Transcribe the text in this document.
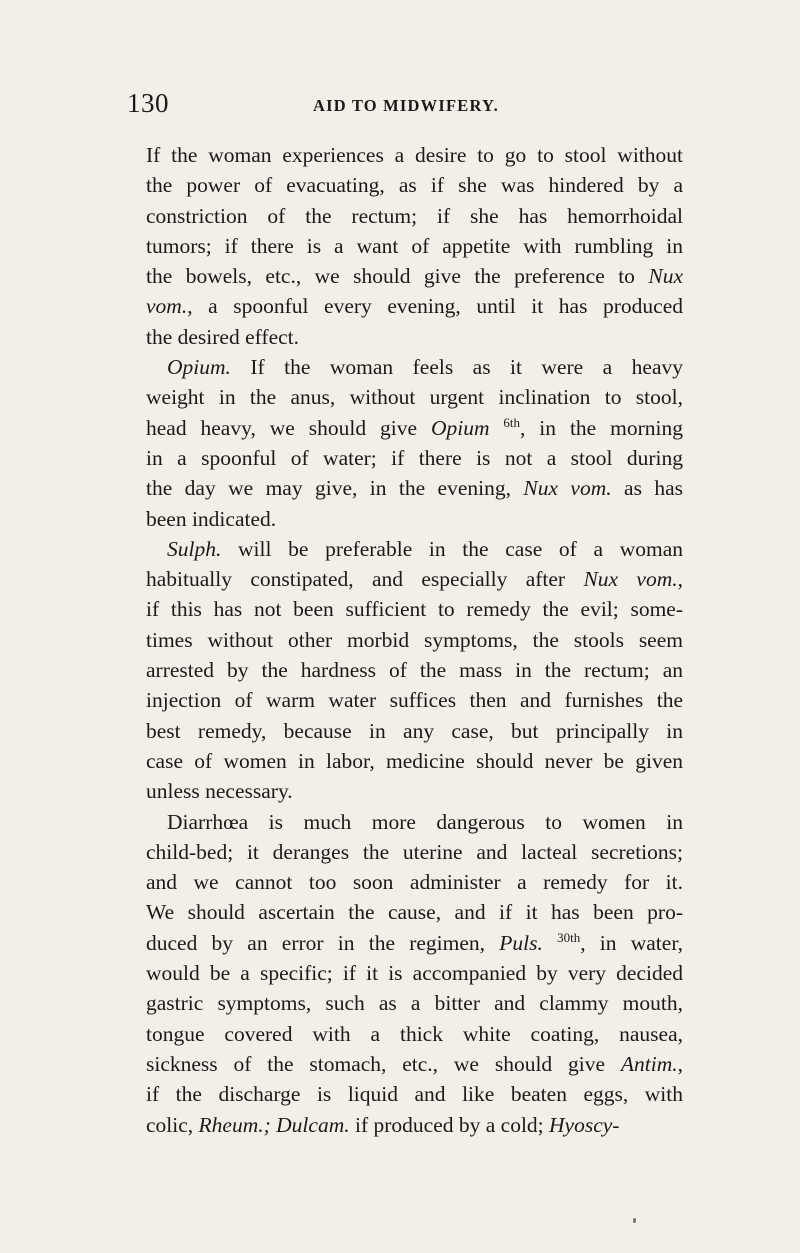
130	AID TO MIDWIFERY.
If the woman experiences a desire to go to stool without
the power of evacuating, as if she was hindered by a
constriction of the rectum; if she has hemorrhoidal
tumors; if there is a want of appetite with rumbling in
the bowels, etc., we should give the preference to Nux
vom., a spoonful every evening, until it has produced
the desired effect.
Opium. If the woman feels as it were a heavy
weight in the anus, without urgent inclination to stool,
head heavy, we should give Opium $^{6th}$, in the morning
in a spoonful of water; if there is not a stool during
the day we may give, in the evening, Nux vom. as has
been indicated.
Sulph. will be preferable in the case of a woman
habitually constipated, and especially after Nux vom.,
if this has not been sufficient to remedy the evil; some-
times without other morbid symptoms, the stools seem
arrested by the hardness of the mass in the rectum; an
injection of warm water suffices then and furnishes the
best remedy, because in any case, but principally in
case of women in labor, medicine should never be given
unless necessary.
Diarrhœa is much more dangerous to women in
child-bed; it deranges the uterine and lacteal secretions;
and we cannot too soon administer a remedy for it.
We should ascertain the cause, and if it has been pro-
duced by an error in the regimen, Puls. $^{30th}$, in water,
would be a specific; if it is accompanied by very decided
gastric symptoms, such as a bitter and clammy mouth,
tongue covered with a thick white coating, nausea,
sickness of the stomach, etc., we should give Antim.,
if the discharge is liquid and like beaten eggs, with
colic, Rheum.; Dulcam. if produced by a cold; Hyoscy-
